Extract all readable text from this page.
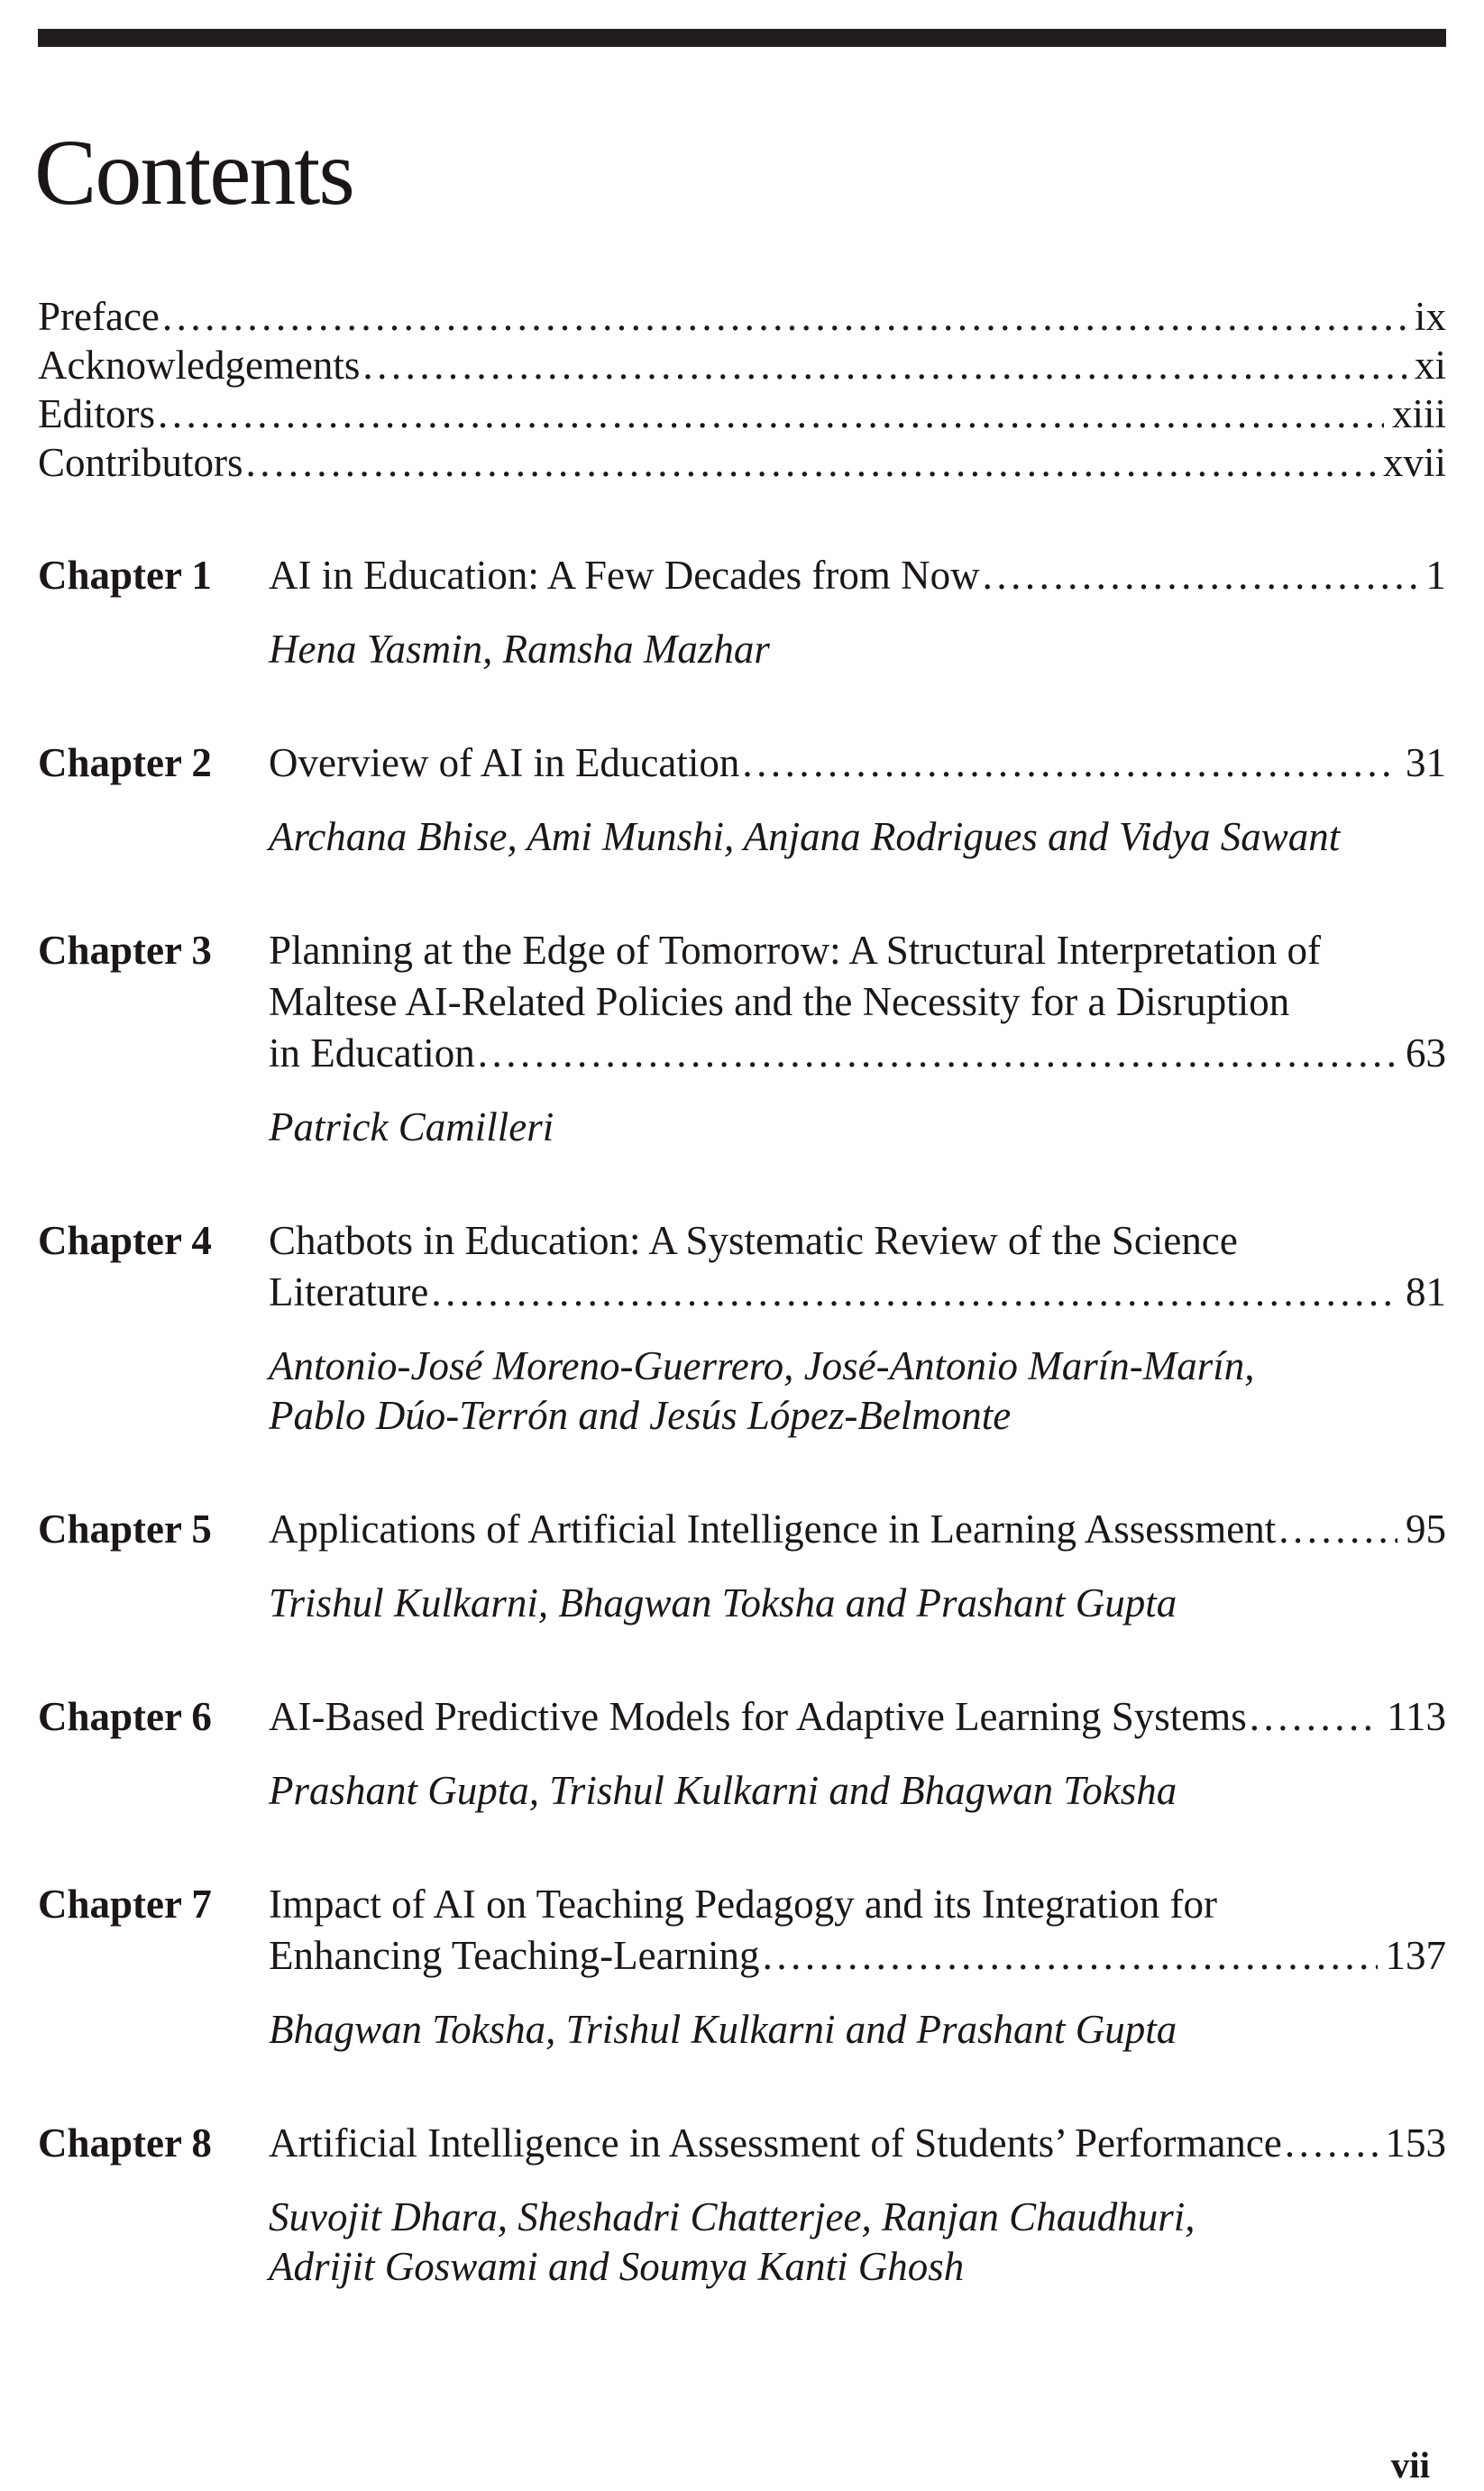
Contents
Preface .....	ix
Acknowledgements .....	xi
Editors .....	xiii
Contributors .....	xvii
Chapter 1	AI in Education: A Few Decades from Now .....	1
Hena Yasmin, Ramsha Mazhar
Chapter 2	Overview of AI in Education .....	31
Archana Bhise, Ami Munshi, Anjana Rodrigues and Vidya Sawant
Chapter 3	Planning at the Edge of Tomorrow: A Structural Interpretation of
Maltese AI-Related Policies and the Necessity for a Disruption
in Education .....	63
Patrick Camilleri
Chapter 4	Chatbots in Education: A Systematic Review of the Science
Literature .....	81
Antonio-José Moreno-Guerrero, José-Antonio Marín-Marín,
Pablo Dúo-Terrón and Jesús López-Belmonte
Chapter 5	Applications of Artificial Intelligence in Learning Assessment .....	95
Trishul Kulkarni, Bhagwan Toksha and Prashant Gupta
Chapter 6	AI-Based Predictive Models for Adaptive Learning Systems .....	113
Prashant Gupta, Trishul Kulkarni and Bhagwan Toksha
Chapter 7	Impact of AI on Teaching Pedagogy and its Integration for
Enhancing Teaching-Learning .....	137
Bhagwan Toksha, Trishul Kulkarni and Prashant Gupta
Chapter 8	Artificial Intelligence in Assessment of Students’ Performance .....	153
Suvojit Dhara, Sheshadri Chatterjee, Ranjan Chaudhuri,
Adrijit Goswami and Soumya Kanti Ghosh
vii
